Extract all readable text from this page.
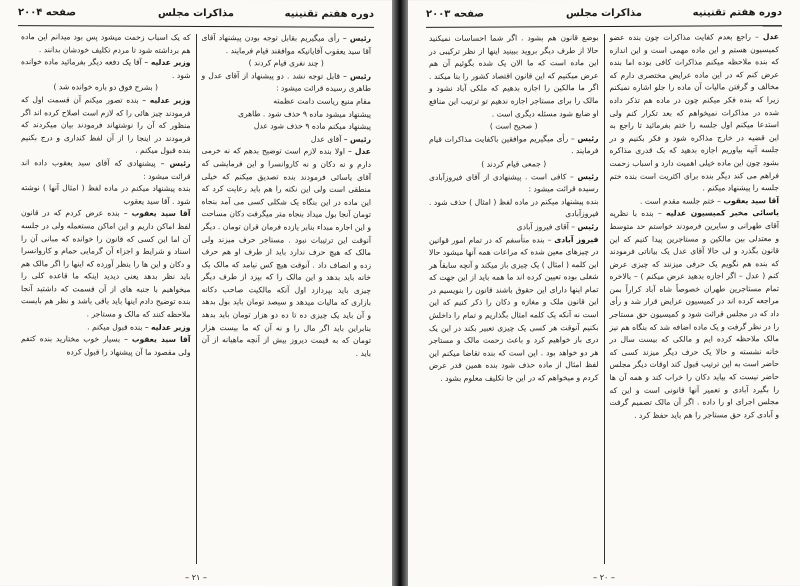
دوره هفتم تقنینیه
مذاکرات مجلس
صفحه ۲۰۰۴

رئیس – رأی میگیریم بقابل توجه بودن پیشنهاد آقای آقا سید یعقوب آقایانیکه موافقند قیام فرمایند .

( چند نفری قیام کردند )

رئیس – قابل توجه نشد . دو پیشنهاد از آقای عدل و طاهری رسیده قرائت میشود :

مقام منیع ریاست دامت عظمته

پیشنهاد میشود ماده ۹ حذف شود . طاهری

پیشنهاد میکنم ماده ۹ حذف شود عدل

رئیس – آقای عدل

عدل – اولا بنده لازم است توضیح بدهم که نه خرمی دارم و نه دکان و نه کاروانسرا و این فرمایشی که آقای یاسائی فرمودند بنده تصدیق میکنم که خیلی منطقی است ولی این نکته را هم باید رعایت کرد که این ماده در این بنگاه یک شکلی کسی می آمد بنجاه تومان آنجا بول میداد بنجاه متر میگرفت دکان مساحت و این اجاره مبداء بنابر یازده فرمان قران تومان . دیگر آنوقت این ترتیبات نبود . مستاجر حرف میزند ولی مالک که هیچ حرف ندارد باید از طرف او هم حرف زده و انصاف داد . آنوقت هیچ کس نیامد که مالک یک خانه باید بدهد و این مالک را که بپزد از طرف دیگر چیزی باید بپردازد اول آنکه مالکیت صاحب دکانه بازاری که مالیات میدهد و سیصد تومان باید بول بدهد و آن باید یک چیزی ده تا ده دو هزار تومان باید بدهد بنابراین باید اگر مال را و نه آن که ما بیست هزار تومان که به قیمت دیروز بیش از آنچه ماهیانه از آن باید .

که یک اسباب زحمت میشود پس بود میدانم این ماده هم برداشته شود تا مردم تکلیف خودشان بدانند .

وزیر عدلیه – آقا یک دفعه دیگر بفرمائید ماده خوانده شود .

( بشرح فوق دو باره خوانده شد )

وزیر عدلیه – بنده تصور میکنم آن قسمت اول که فرمودند چیز هائی را که لازم است اصلاح کرده اند اگر منظور که آن را نوشتهاند فرمودند بیان میکردند که فرمودند در اینجا را از آن لفظ کنداری و درج بکنیم بنده قبول میکنم .

رئیس – پیشنهادی که آقای سید یعقوب داده اند قرائت میشود :

بنده پیشنهاد میکنم در ماده لفظ ( امثال آنها ) نوشته شود . آقا سید یعقوب

آقا سید یعقوب – بنده عرض کردم که در قانون لفظ اماکن داریم و این اماکن مستعمله ولی در جلسه آن اما این کسی که قانون را خوانده که مبانی آن را اسناد و شرایط و اجزاء آن گرمایی حمام و کاروانسرا و دکان و این ها را بنظر آورده که اینها را اگر مالک هم باید نظر بدهد یعنی دیدید اینکه ما قاعده کلی را میخواهیم با جنبه های از آن قسمت که داشتید آنجا بنده توضیح دادم اینها باید باقی باشد و نظر هم بایست ملاحظه کنند که مالک و مستاجر .

وزیر عدلیه – بنده قبول میکنم .

آقا سید یعقوب – بسیار خوب مختارید بنده کتفم ولی مقصود ما آن پیشنهاد را قبول کرده

– ۲۱ –
دوره هفتم تقنینیه
مذاکرات مجلس
صفحه ۲۰۰۳

عدل – راجع بعدم کفایت مذاکرات چون بنده عضو کمیسیون هستم و این ماده مهمی است و این اندازه که بنده ملاحظه میکنم مذاکرات کافی بوده اما بنده عرض کنم که در این ماده عرایض مختصری دارم که مخالف و گرفتن مالیات آن ماده را جلو اشاره نمیکنم زیرا که بنده فکر میکنم چون در ماده هم تذکر داده شده در مذاکرات نمیخواهم که بعد تکرار کنم ولی استدعا میکنم اول جلسه را ختم بفرمائید تا راجع به این قضیه در خارج مذاکره شود و فکر بکنیم و در جلسه آتیه بیاوریم اجازه بدهید که بک قدری مذاکره بشود چون این ماده خیلی اهمیت دارد و اسباب زحمت فراهم می کند دیگر بنده برای اکثریت است بنده ختم جلسه را پیشنهاد میکنم .

آقا سید یعقوب – ختم جلسه مقدم است .

یاسائی مخبر کمیسیون عدلیه – بنده با نظریه آقای طهرانی و سایرین فرمودند خواستم حد متوسط و معتدلی بین مالکین و مستاجرین پیدا کنیم که این قانون بگذرد و لی حالا آقای عدل یک بیاناتی فرمودند که بنده هم نگویم یک حرفی میزنند که چیزی عرض کنم ( عدل – اگر اجازه بدهید عرض میکنم ) – بالاخره تمام مستاجرین طهران خصوصاً شاه آباد کراراً بمن مراجعه کرده اند در کمیسیون عرایض قرار شد و رأی داد که در مجلس قرائت شود و کمیسیون حق مستاجر را در نظر گرفت و یک ماده اضافه شد که بنگاه هم نیز مالک ملاحظه کرده ایم و مالکی که بیست سال در خانه نشسته و حالا یک حرف دیگر میزند کسی که حاضر است به این ترتیب قبول کند اوقات دیگر مجلس حاضر نیست که بیاید دکان را خراب کند و همه آن ها را بگیرد آبادی و تعمیر آنها قانونی است و این که مجلس اجرای او را داده . اگر آن مالک تصمیم گرفت و آبادی کرد حق مستاجر را هم باید حفظ کرد .

بوضع قانون هم بشود . اگر شما احساسات نمیکنید حالا از طرف دیگر بروید ببینید اینها از نظر ترکیبی در این ماده است که ما الان یک شده بگوئیم آن هم عرض میکنیم که این قانون اقتصاد کشور را بنا میکند . اگر ما مالکین را اجازه بدهیم که ملکی آباد نشود و مالک را برای مستاجر اجازه ندهیم تو ترتیب این منافع او ضایع شود مسئله دیگری است .

( صحیح است )

رئیس – رأی میگیریم موافقین باکفایت مذاکرات قیام فرمایند .

( جمعی قیام کردند )

رئیس – کافی است . پیشنهادی از آقای فیروزآبادی رسیده قرائت میشود :

بنده پیشنهاد میکنم در ماده لفظ ( امثال ) حذف شود . فیروزآبادی

رئیس – آقای فیروز آبادی

فیروز آبادی – بنده متأسفم که در تمام امور قوانین در چیزهای معین شده که مراعات همه آنها میشود حالا این کلمه ( امثال ) یک چیزی باز میکند و آنچه سابقاً هر شغلی بوده تعیین کرده اند ما همه باید از این جهت که تمام اینها دارای این حقوق باشند قانون را بنویسیم در این قانون ملک و مغازه و دکان را ذکر کنیم که این است نه آنکه یک کلمه امثال بگذاریم و تمام را داخلش بکنیم آنوقت هر کسی یک چیزی تعبیر بکند در این یک دری باز خواهیم کرد و باعث زحمت مالک و مستاجر هر دو خواهد بود . این است که بنده تقاضا میکنم این لفظ امثال از ماده حذف شود بنده همین قدر عرض کردم و میخواهم که در این جا تکلیف معلوم بشود .

– ۲۰ –
